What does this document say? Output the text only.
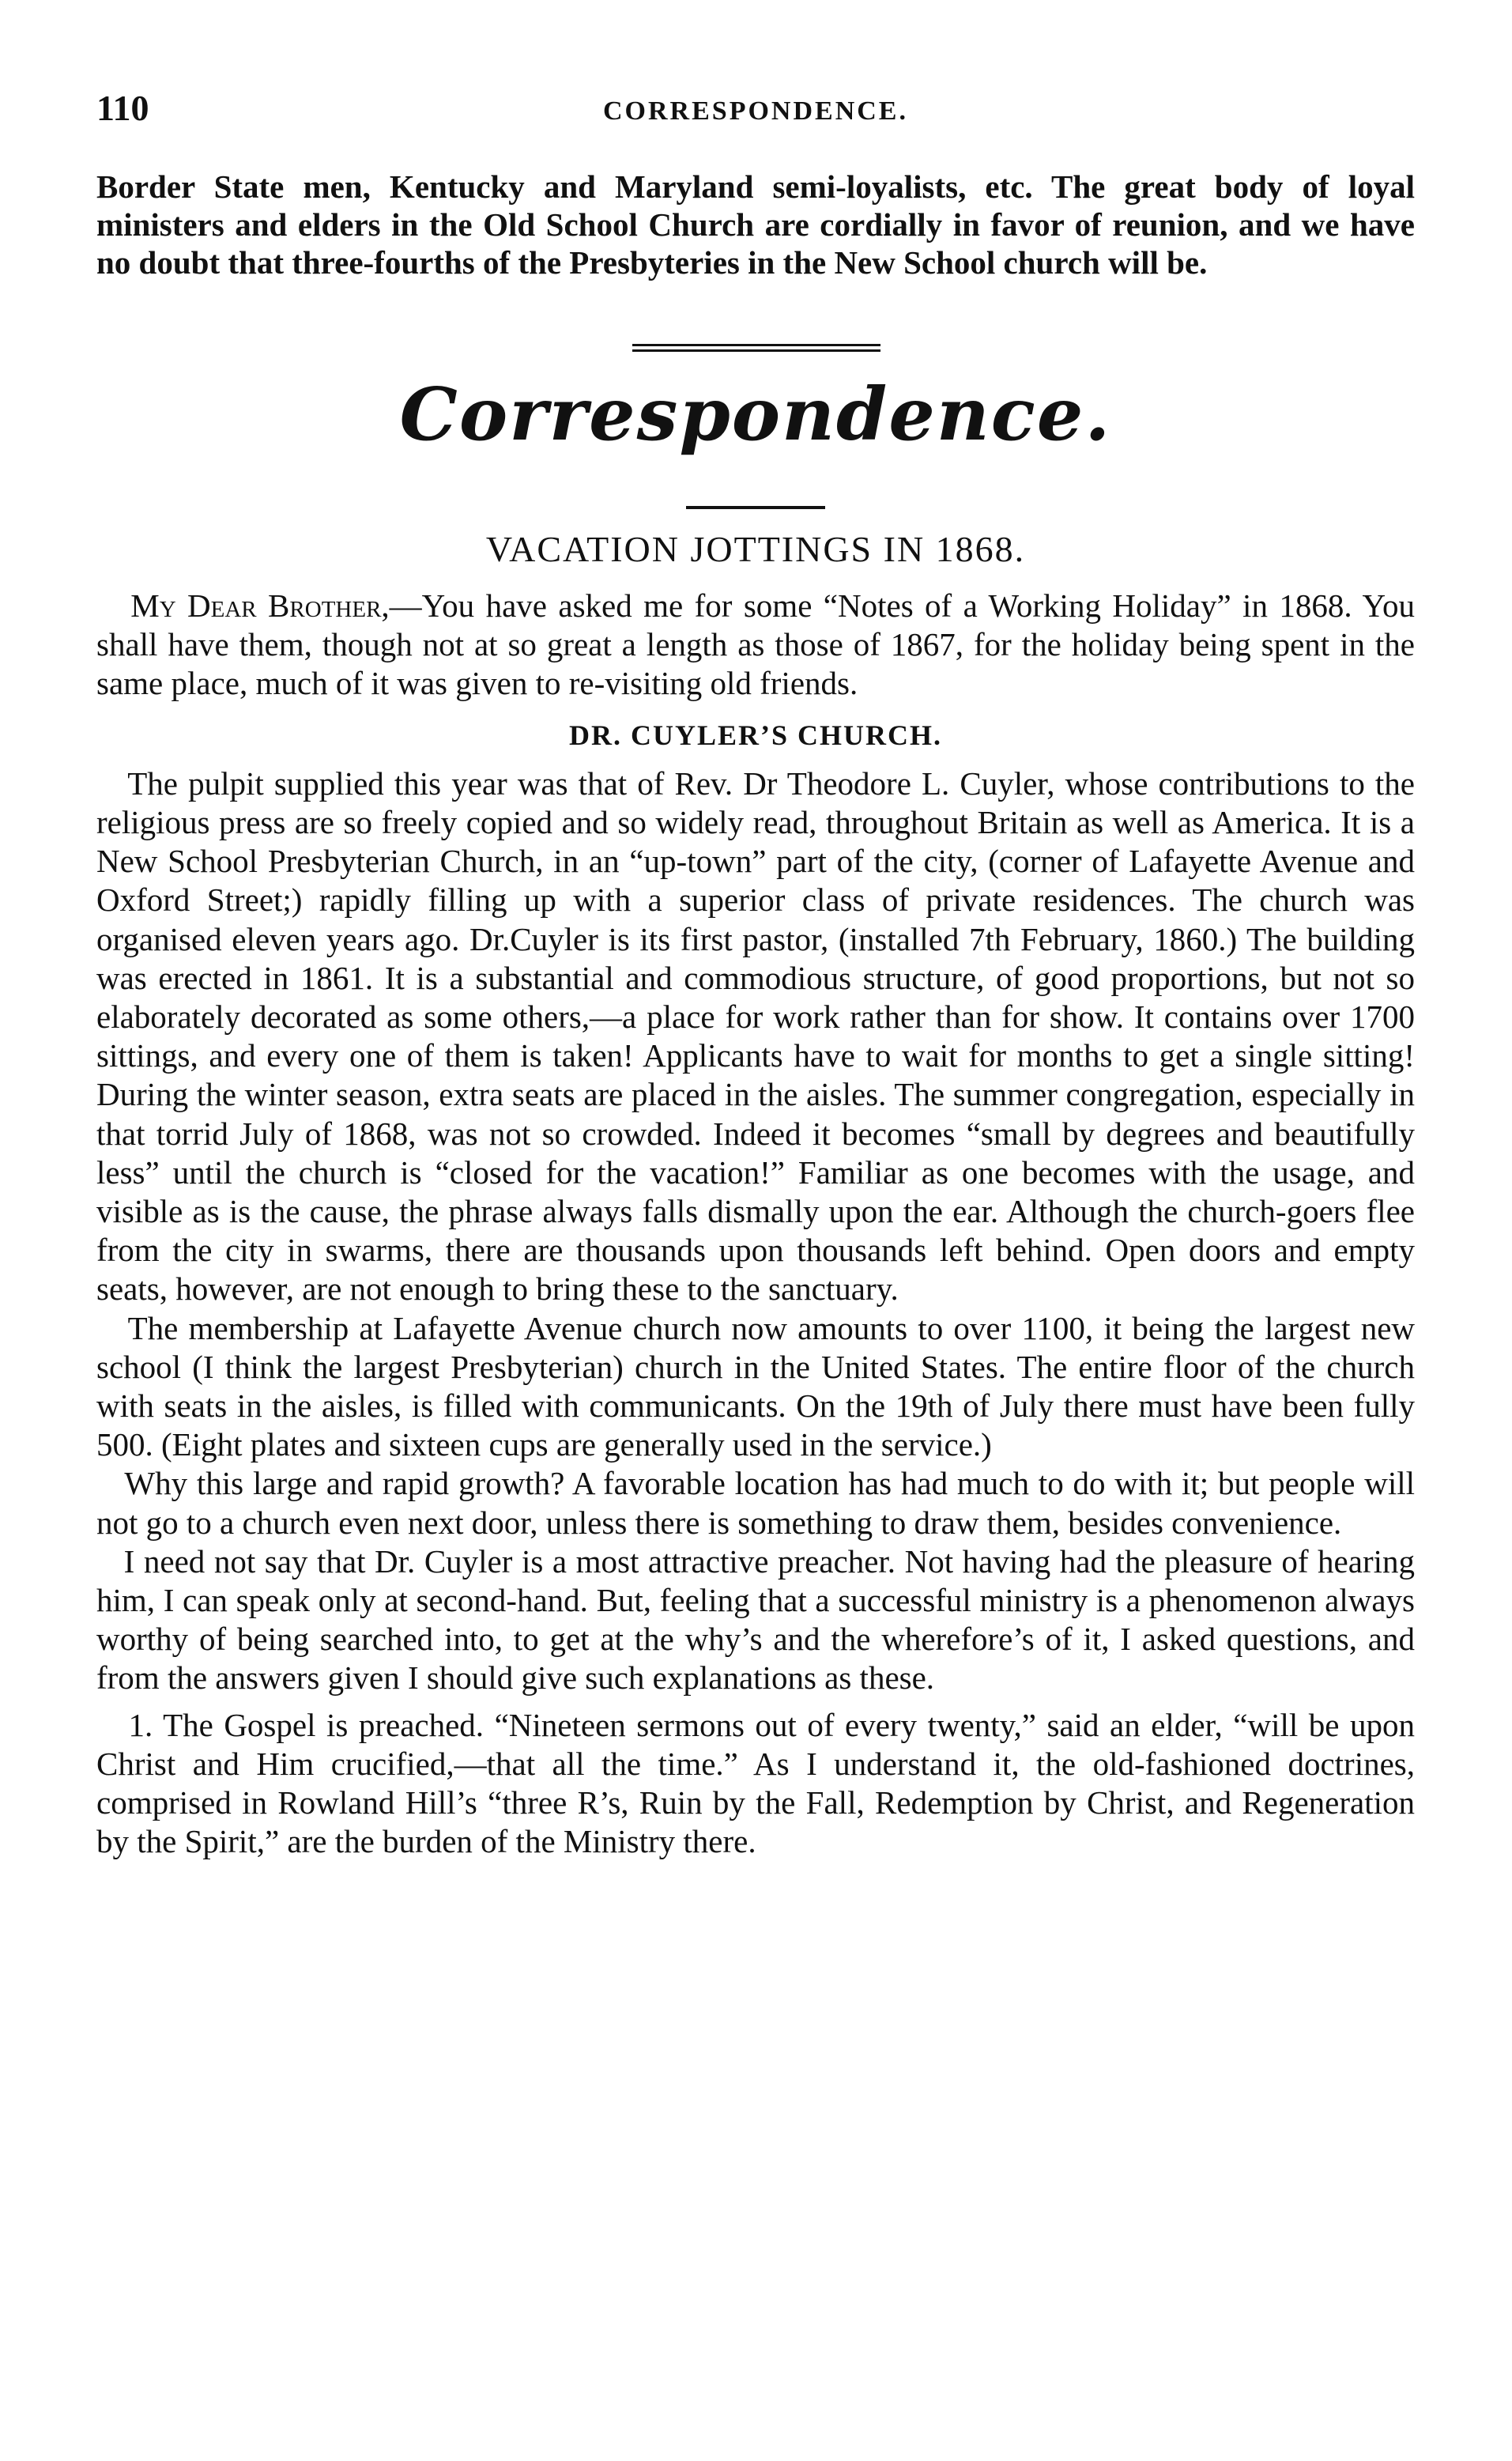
110	CORRESPONDENCE.

Border State men, Kentucky and Maryland semi-loyalists, etc. The great body of loyal ministers and elders in the Old School Church are cordially in favor of reunion, and we have no doubt that three-fourths of the Presbyteries in the New School church will be.

Correspondence.
VACATION JOTTINGS IN 1868.

My Dear Brother,—You have asked me for some “Notes of a Working Holiday” in 1868. You shall have them, though not at so great a length as those of 1867, for the holiday being spent in the same place, much of it was given to re-visiting old friends.

DR. CUYLER’S CHURCH.

The pulpit supplied this year was that of Rev. Dr Theodore L. Cuyler, whose contributions to the religious press are so freely copied and so widely read, throughout Britain as well as America. It is a New School Presbyterian Church, in an “up-town” part of the city, (corner of Lafayette Avenue and Oxford Street;) rapidly filling up with a superior class of private residences. The church was organised eleven years ago. Dr.Cuyler is its first pastor, (installed 7th February, 1860.) The building was erected in 1861. It is a substantial and commodious structure, of good proportions, but not so elaborately decorated as some others,—a place for work rather than for show. It contains over 1700 sittings, and every one of them is taken! Applicants have to wait for months to get a single sitting! During the winter season, extra seats are placed in the aisles. The summer congregation, especially in that torrid July of 1868, was not so crowded. Indeed it becomes “small by degrees and beautifully less” until the church is “closed for the vacation!” Familiar as one becomes with the usage, and visible as is the cause, the phrase always falls dismally upon the ear. Although the church-goers flee from the city in swarms, there are thousands upon thousands left behind. Open doors and empty seats, however, are not enough to bring these to the sanctuary.

The membership at Lafayette Avenue church now amounts to over 1100, it being the largest new school (I think the largest Presbyterian) church in the United States. The entire floor of the church with seats in the aisles, is filled with communicants. On the 19th of July there must have been fully 500. (Eight plates and sixteen cups are generally used in the service.)

Why this large and rapid growth? A favorable location has had much to do with it; but people will not go to a church even next door, unless there is something to draw them, besides convenience.

I need not say that Dr. Cuyler is a most attractive preacher. Not having had the pleasure of hearing him, I can speak only at second-hand. But, feeling that a successful ministry is a phenomenon always worthy of being searched into, to get at the why’s and the wherefore’s of it, I asked questions, and from the answers given I should give such explanations as these.

1. The Gospel is preached. “Nineteen sermons out of every twenty,” said an elder, “will be upon Christ and Him crucified,—that all the time.” As I understand it, the old-fashioned doctrines, comprised in Rowland Hill’s “three R’s, Ruin by the Fall, Redemption by Christ, and Regeneration by the Spirit,” are the burden of the Ministry there.
